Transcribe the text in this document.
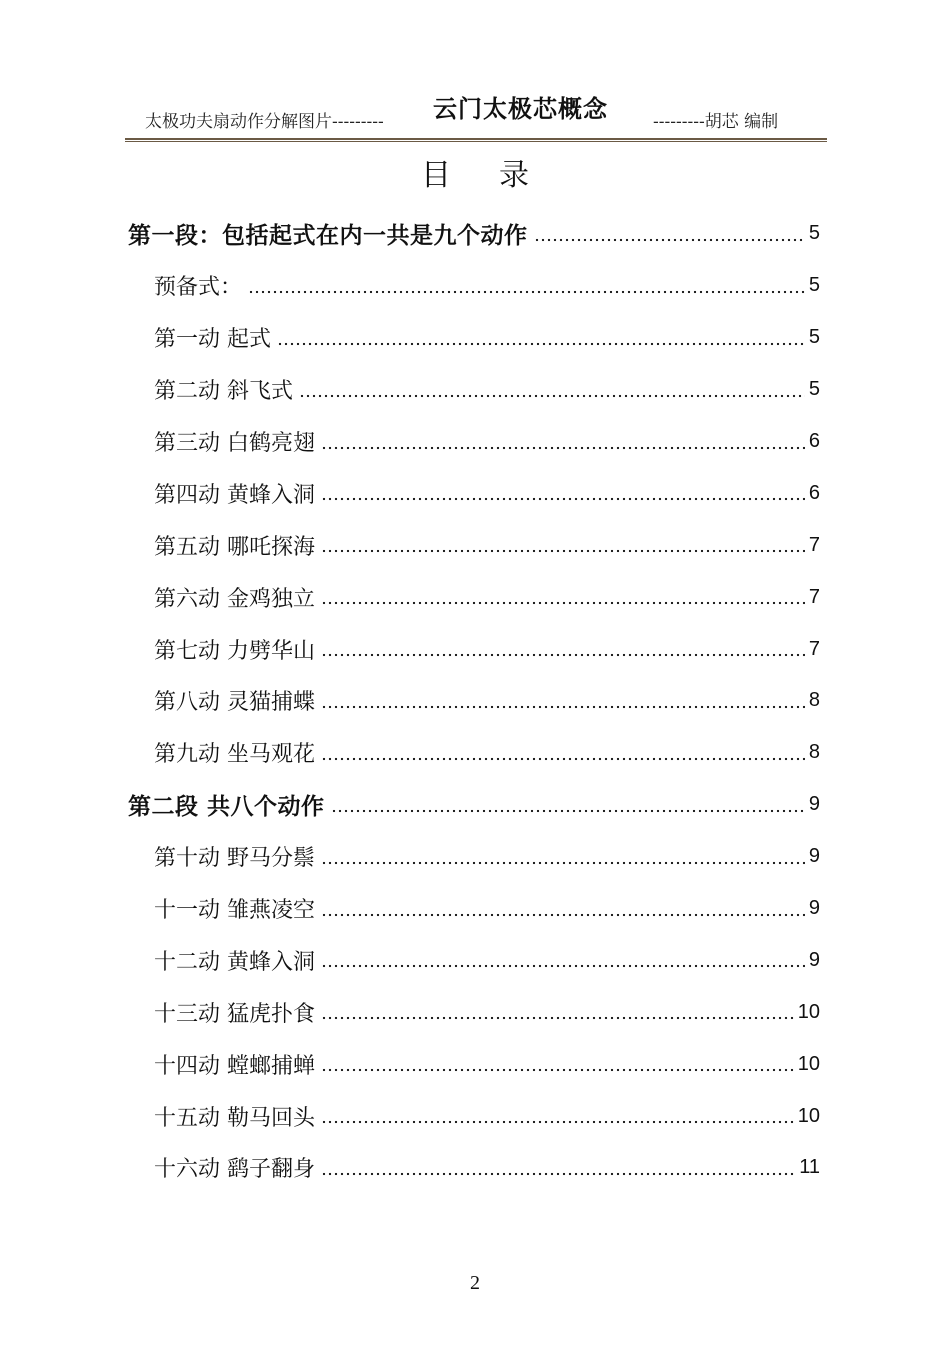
太极功夫扇动作分解图片--------- 云门太极芯概念	---------胡芯 编制
目录
第一段：包括起式在内一共是九个动作	5
预备式：	5
第一动 起式	5
第二动 斜飞式	5
第三动 白鹤亮翅	6
第四动 黄蜂入洞	6
第五动 哪吒探海	7
第六动 金鸡独立	7
第七动 力劈华山	7
第八动 灵猫捕蝶	8
第九动 坐马观花	8
第二段 共八个动作	9
第十动 野马分鬃	9
十一动 雏燕凌空	9
十二动 黄蜂入洞	9
十三动 猛虎扑食	10
十四动 螳螂捕蝉	10
十五动 勒马回头	10
十六动 鹞子翻身	11
2
